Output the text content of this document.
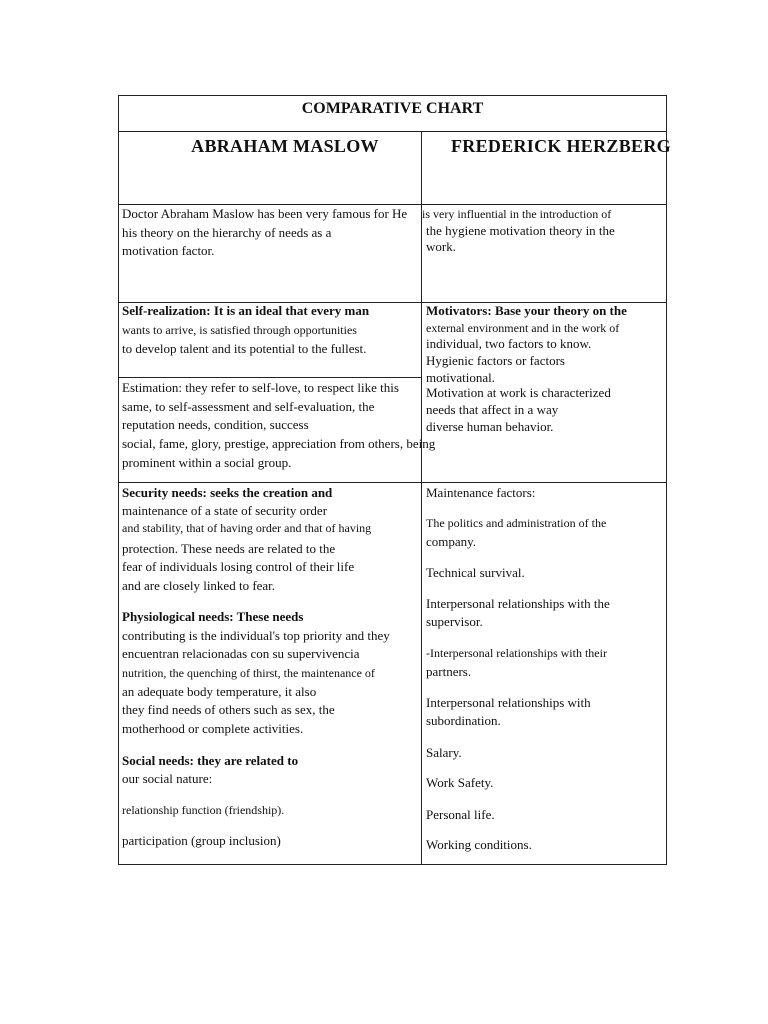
COMPARATIVE CHART
ABRAHAM MASLOW	FREDERICK HERZBERG
Doctor Abraham Maslow has been very famous for He
his theory on the hierarchy of needs as a
motivation factor.
is very influential in the introduction of
the hygiene motivation theory in the
work.
Self-realization: It is an ideal that every man
wants to arrive, is satisfied through opportunities
to develop talent and its potential to the fullest.
Estimation: they refer to self-love, to respect like this
same, to self-assessment and self-evaluation, the
reputation needs, condition, success
social, fame, glory, prestige, appreciation from others, being
prominent within a social group.
Motivators: Base your theory on the
external environment and in the work of
individual, two factors to know.
Hygienic factors or factors
motivational.
Motivation at work is characterized
needs that affect in a way
diverse human behavior.
Security needs: seeks the creation and
maintenance of a state of security order
and stability, that of having order and that of having
protection. These needs are related to the
fear of individuals losing control of their life
and are closely linked to fear.
Physiological needs: These needs
contributing is the individual's top priority and they
encuentran relacionadas con su supervivencia
nutrition, the quenching of thirst, the maintenance of
an adequate body temperature, it also
they find needs of others such as sex, the
motherhood or complete activities.
Social needs: they are related to
our social nature:
relationship function (friendship).
participation (group inclusion)
Maintenance factors:
The politics and administration of the
company.
Technical survival.
Interpersonal relationships with the
supervisor.
-Interpersonal relationships with their
partners.
Interpersonal relationships with
subordination.
Salary.
Work Safety.
Personal life.
Working conditions.
